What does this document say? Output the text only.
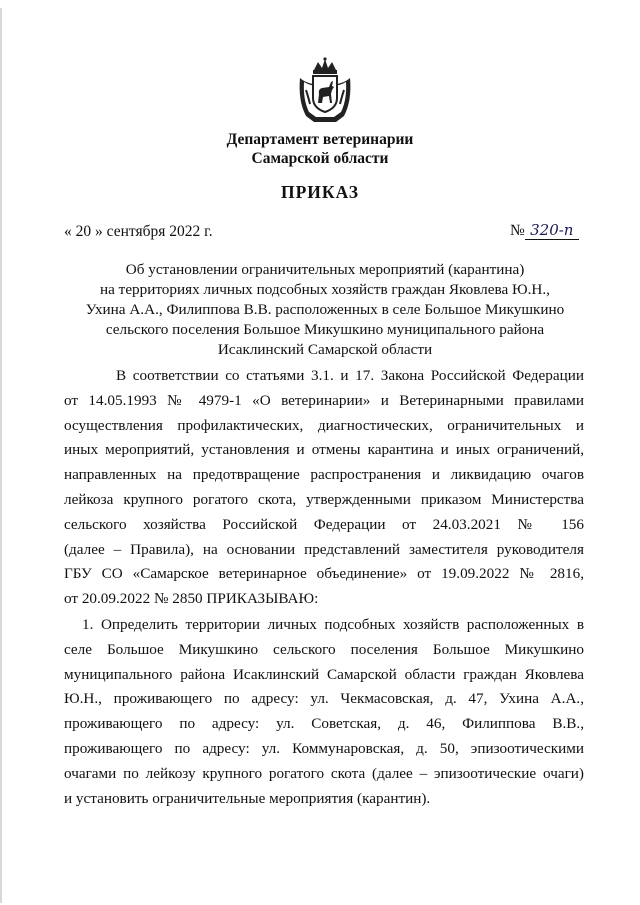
Департамент ветеринарии
Самарской области
ПРИКАЗ
« 20 » сентября 2022 г.	№ 320-п
Об установлении ограничительных мероприятий (карантина)
на территориях личных подсобных хозяйств граждан Яковлева Ю.Н.,
Ухина А.А., Филиппова В.В. расположенных в селе Большое Микушкино
сельского поселения Большое Микушкино муниципального района
Исаклинский Самарской области
В соответствии со статьями 3.1. и 17. Закона Российской Федерации
от 14.05.1993 № 4979-1 «О ветеринарии» и Ветеринарными правилами
осуществления профилактических, диагностических, ограничительных и
иных мероприятий, установления и отмены карантина и иных ограничений,
направленных на предотвращение распространения и ликвидацию очагов
лейкоза крупного рогатого скота, утвержденными приказом Министерства
сельского хозяйства Российской Федерации от 24.03.2021 № 156
(далее – Правила), на основании представлений заместителя руководителя
ГБУ СО «Самарское ветеринарное объединение» от 19.09.2022 № 2816,
от 20.09.2022 № 2850 ПРИКАЗЫВАЮ:
1. Определить территории личных подсобных хозяйств расположенных в
селе Большое Микушкино сельского поселения Большое Микушкино
муниципального района Исаклинский Самарской области граждан Яковлева
Ю.Н., проживающего по адресу: ул. Чекмасовская, д. 47, Ухина А.А.,
проживающего по адресу: ул. Советская, д. 46, Филиппова В.В.,
проживающего по адресу: ул. Коммунаровская, д. 50, эпизоотическими
очагами по лейкозу крупного рогатого скота (далее – эпизоотические очаги)
и установить ограничительные мероприятия (карантин).
